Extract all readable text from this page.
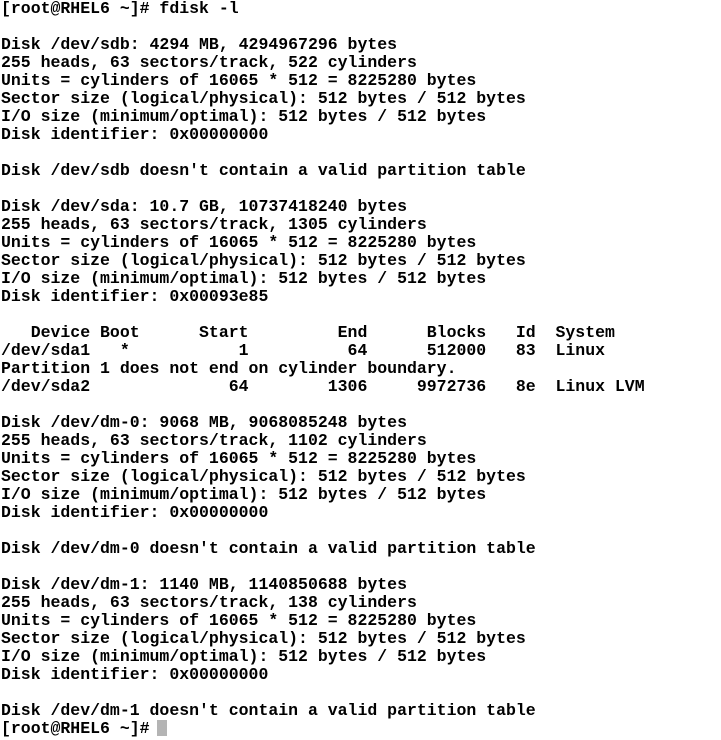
[root@RHEL6 ~]# fdisk -l
Disk /dev/sdb: 4294 MB, 4294967296 bytes
255 heads, 63 sectors/track, 522 cylinders
Units = cylinders of 16065 * 512 = 8225280 bytes
Sector size (logical/physical): 512 bytes / 512 bytes
I/O size (minimum/optimal): 512 bytes / 512 bytes
Disk identifier: 0x00000000
Disk /dev/sdb doesn't contain a valid partition table
Disk /dev/sda: 10.7 GB, 10737418240 bytes
255 heads, 63 sectors/track, 1305 cylinders
Units = cylinders of 16065 * 512 = 8225280 bytes
Sector size (logical/physical): 512 bytes / 512 bytes
I/O size (minimum/optimal): 512 bytes / 512 bytes
Disk identifier: 0x00093e85
Device Boot      Start         End      Blocks   Id  System
/dev/sda1   *           1          64      512000   83  Linux
Partition 1 does not end on cylinder boundary.
/dev/sda2              64        1306     9972736   8e  Linux LVM
Disk /dev/dm-0: 9068 MB, 9068085248 bytes
255 heads, 63 sectors/track, 1102 cylinders
Units = cylinders of 16065 * 512 = 8225280 bytes
Sector size (logical/physical): 512 bytes / 512 bytes
I/O size (minimum/optimal): 512 bytes / 512 bytes
Disk identifier: 0x00000000
Disk /dev/dm-0 doesn't contain a valid partition table
Disk /dev/dm-1: 1140 MB, 1140850688 bytes
255 heads, 63 sectors/track, 138 cylinders
Units = cylinders of 16065 * 512 = 8225280 bytes
Sector size (logical/physical): 512 bytes / 512 bytes
I/O size (minimum/optimal): 512 bytes / 512 bytes
Disk identifier: 0x00000000
Disk /dev/dm-1 doesn't contain a valid partition table
[root@RHEL6 ~]#
